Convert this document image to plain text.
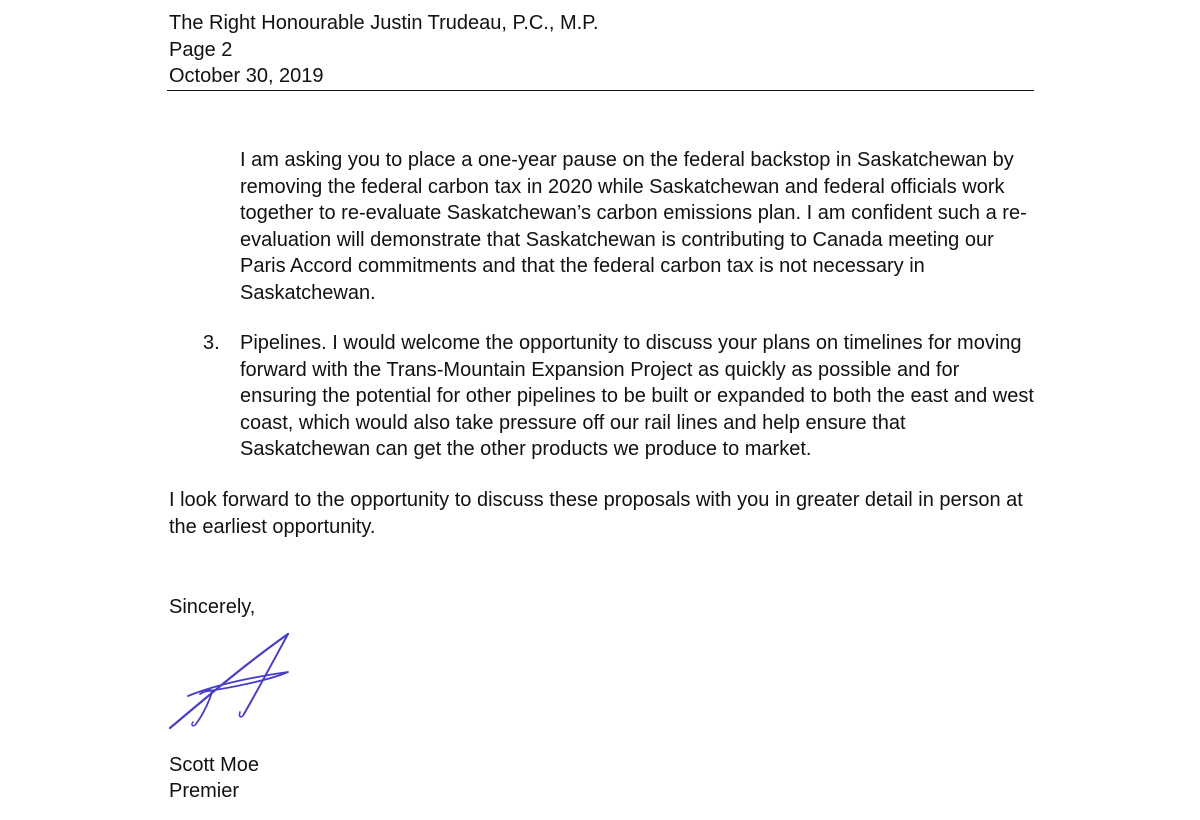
The Right Honourable Justin Trudeau, P.C., M.P.
Page 2
October 30, 2019

I am asking you to place a one-year pause on the federal backstop in Saskatchewan by removing the federal carbon tax in 2020 while Saskatchewan and federal officials work together to re-evaluate Saskatchewan’s carbon emissions plan. I am confident such a re-evaluation will demonstrate that Saskatchewan is contributing to Canada meeting our Paris Accord commitments and that the federal carbon tax is not necessary in Saskatchewan.

3. Pipelines. I would welcome the opportunity to discuss your plans on timelines for moving forward with the Trans-Mountain Expansion Project as quickly as possible and for ensuring the potential for other pipelines to be built or expanded to both the east and west coast, which would also take pressure off our rail lines and help ensure that Saskatchewan can get the other products we produce to market.

I look forward to the opportunity to discuss these proposals with you in greater detail in person at the earliest opportunity.

Sincerely,
Scott Moe
Premier
